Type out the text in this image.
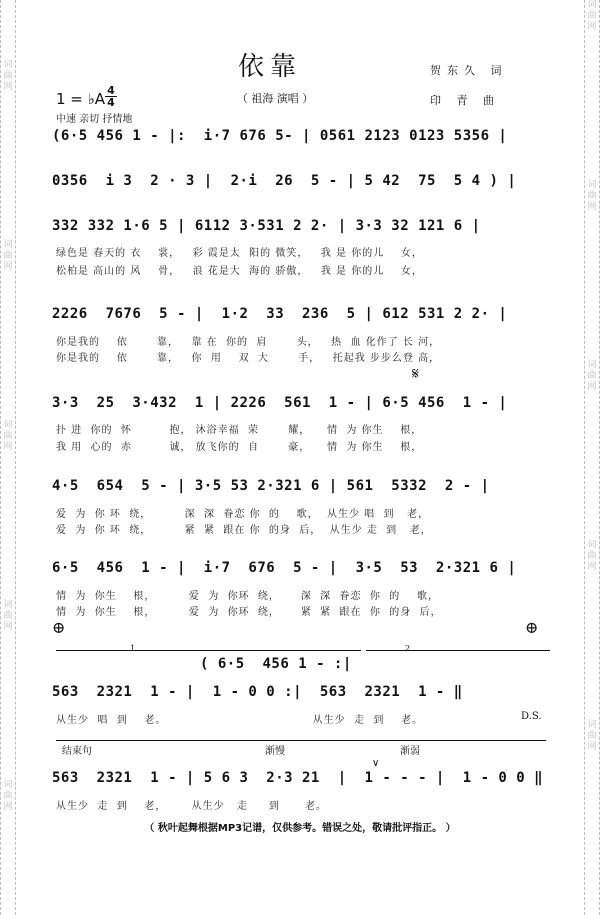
词曲网
词曲网
词曲网
词曲网
词曲网
词曲网
词曲网
词曲网
词曲网
词曲网
依靠
（ 祖海 演唱 ）
贺东久 词
印 青 曲
1 = ♭A 4
4
中速 亲切 抒情地
(6·5 456 1 - |:  i·7 676 5- | 0561 2123 0123 5356 |
0356  i 3  2 · 3 |  2·i  26  5 - | 5 42  75  5 4 ) |
332 332 1·6 5 | 6112 3·531 2 2· | 3·3 32 121 6 |
绿色是 春天的 衣    裳，   彩 霞是太  阳的 微笑，   我 是 你的儿    女，
松柏是 高山的 风    骨，   浪 花是大  海的 骄傲，   我 是 你的儿    女，
2226  7676  5 - |  1·2  33  236  5 | 612 531 2 2· |
你是我的    依       靠，   靠 在  你的  肩       头，   热  血 化作了 长 河，
你是我的    依       靠，   你  用    双  大       手，   托起我 步步么登 高，
𝄋
3·3  25  3·432  1 | 2226  561  1 - | 6·5 456  1 - |
扑 进  你的  怀         抱， 沐浴幸福  荣       耀，    情  为 你生    根，
我 用  心的  赤         诚， 放飞你的  自       豪，    情  为 你生    根，
4·5  654  5 - | 3·5 53 2·321 6 | 561  5332  2 - |
爱  为  你 环  绕，        深  深  眷恋 你  的    歌，  从生少 唱  到   老，
爱  为  你 环  绕，        紧  紧  跟在 你  的身  后，  从生少 走  到   老，
6·5  456  1 - |  i·7  676  5 - |  3·5  53  2·321 6 |
情  为  你生    根，        爱  为  你环  绕，     深  深  眷恋  你  的    歌，
情  为  你生    根，        爱  为  你环  绕，     紧  紧  跟在  你  的身  后，
⊕	⊕
1	2
( 6·5  456 1 - :|
563  2321  1 - |  1 - 0 0 :|  563  2321  1 - ‖
从生少  唱  到    老。                                   从生少  走  到    老。	D.S.
结束句	渐慢	渐弱
∨
563  2321  1 - | 5 6 3  2·3 21  |  1 - - - |  1 - 0 0 ‖
从生少  走  到    老，      从生少   走     到      老。
（ 秋叶起舞根据MP3记谱，仅供参考。错误之处，敬请批评指正。 ）
